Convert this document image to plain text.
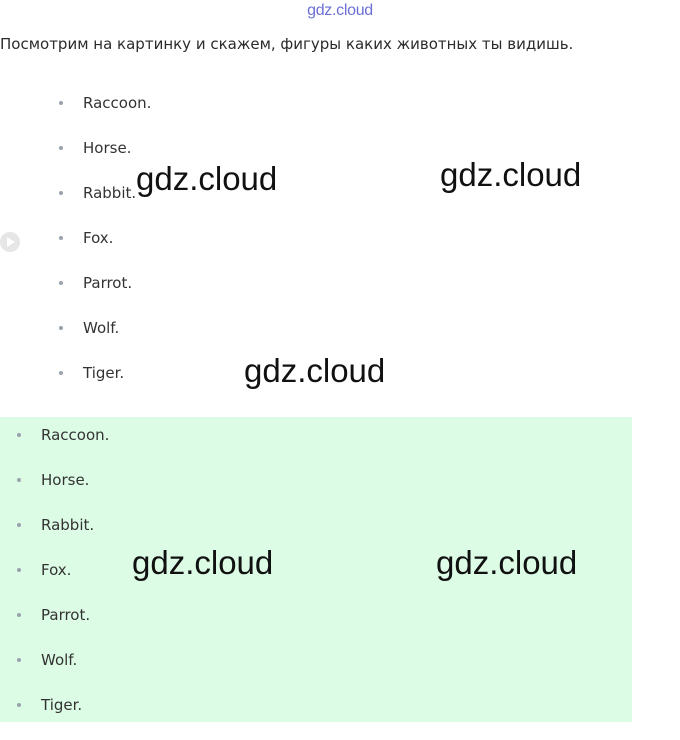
gdz.cloud
Посмотрим на картинку и скажем, фигуры каких животных ты видишь.
Raccoon.
Horse.
Rabbit.
Fox.
Parrot.
Wolf.
Tiger.
Raccoon.
Horse.
Rabbit.
Fox.
Parrot.
Wolf.
Tiger.
gdz.cloud	gdz.cloud
gdz.cloud
gdz.cloud	gdz.cloud
